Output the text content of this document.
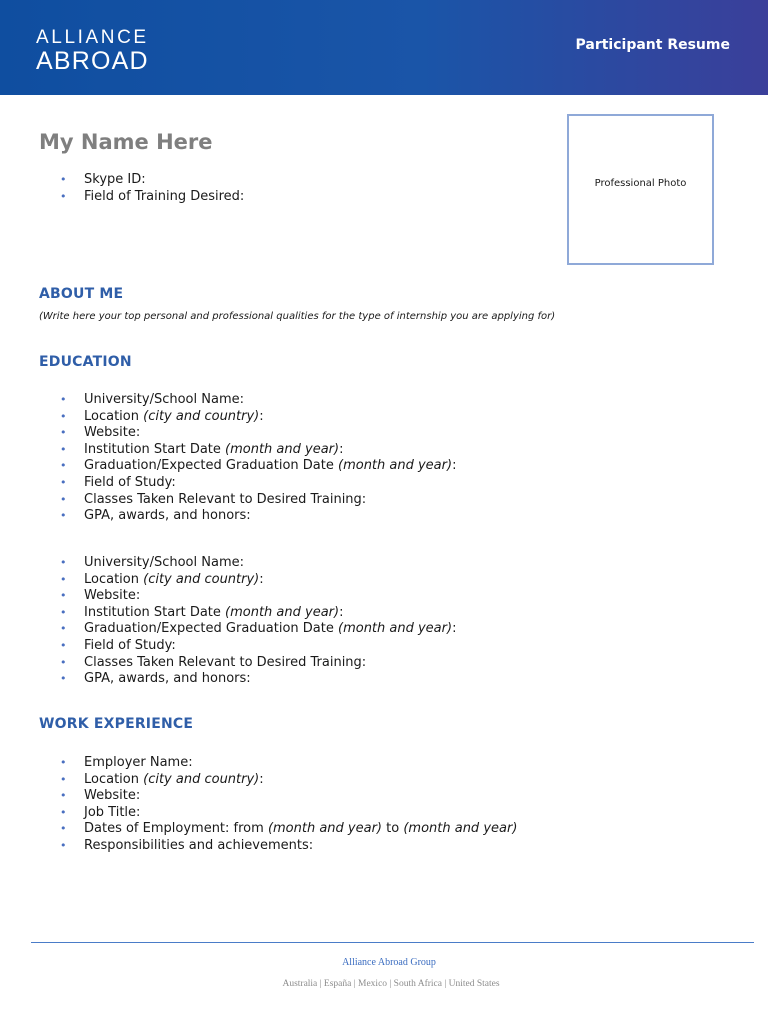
ALLIANCE
ABROAD
Participant Resume
My Name Here
• Skype ID:
• Field of Training Desired:
Professional Photo
ABOUT ME
(Write here your top personal and professional qualities for the type of internship you are applying for)
EDUCATION
• University/School Name:
• Location (city and country):
• Website:
• Institution Start Date (month and year):
• Graduation/Expected Graduation Date (month and year):
• Field of Study:
• Classes Taken Relevant to Desired Training:
• GPA, awards, and honors:
• University/School Name:
• Location (city and country):
• Website:
• Institution Start Date (month and year):
• Graduation/Expected Graduation Date (month and year):
• Field of Study:
• Classes Taken Relevant to Desired Training:
• GPA, awards, and honors:
WORK EXPERIENCE
• Employer Name:
• Location (city and country):
• Website:
• Job Title:
• Dates of Employment: from (month and year) to (month and year)
• Responsibilities and achievements:
Alliance Abroad Group
Australia | España | Mexico | South Africa | United States
